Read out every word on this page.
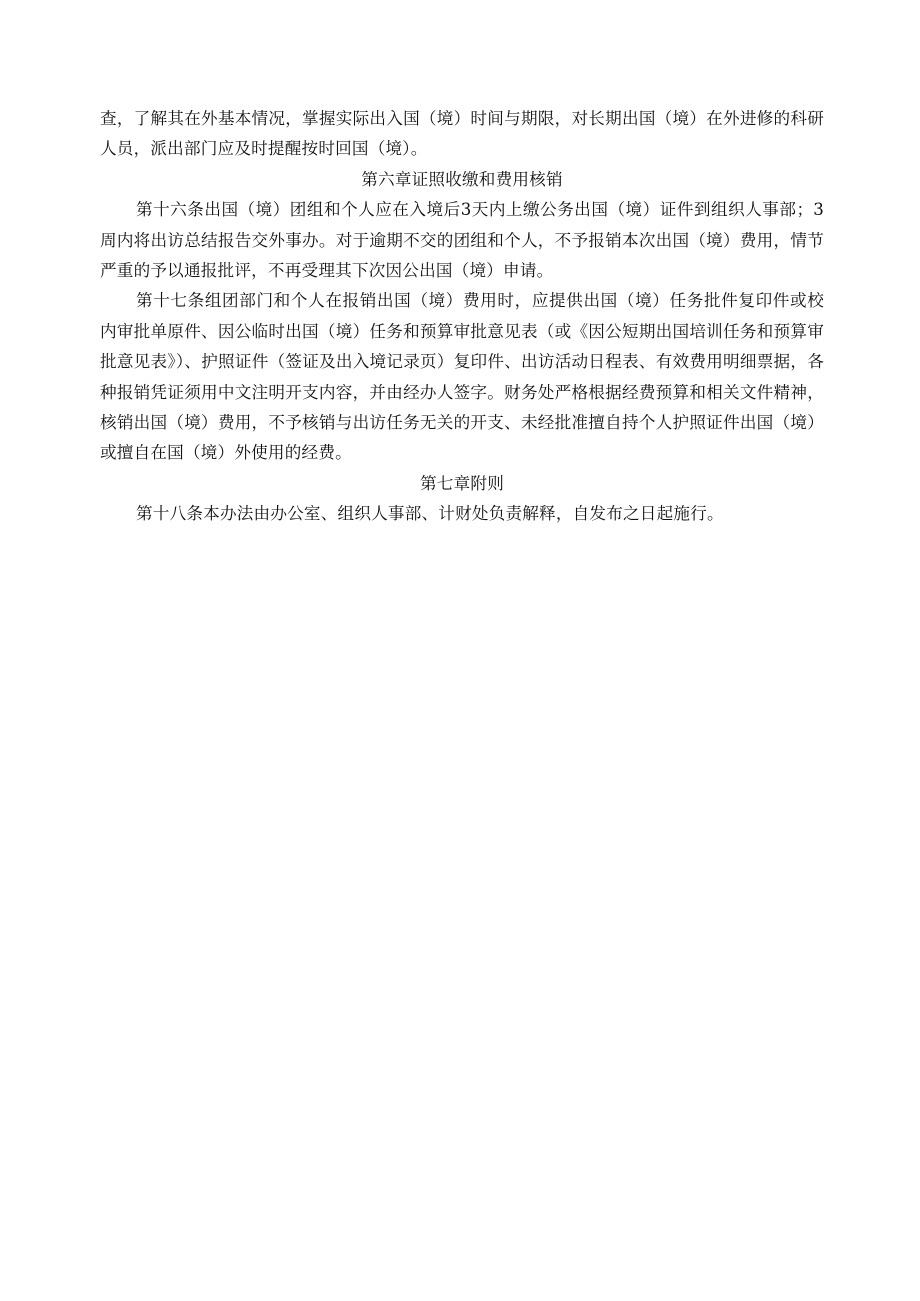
查，了解其在外基本情况，掌握实际出入国（境）时间与期限，对长期出国（境）在外进修的科研人员，派出部门应及时提醒按时回国（境）。

第六章证照收缴和费用核销

第十六条出国（境）团组和个人应在入境后3天内上缴公务出国（境）证件到组织人事部；3周内将出访总结报告交外事办。对于逾期不交的团组和个人，不予报销本次出国（境）费用，情节严重的予以通报批评，不再受理其下次因公出国（境）申请。

第十七条组团部门和个人在报销出国（境）费用时，应提供出国（境）任务批件复印件或校内审批单原件、因公临时出国（境）任务和预算审批意见表（或《因公短期出国培训任务和预算审批意见表》）、护照证件（签证及出入境记录页）复印件、出访活动日程表、有效费用明细票据，各种报销凭证须用中文注明开支内容，并由经办人签字。财务处严格根据经费预算和相关文件精神，核销出国（境）费用，不予核销与出访任务无关的开支、未经批准擅自持个人护照证件出国（境）或擅自在国（境）外使用的经费。

第七章附则

第十八条本办法由办公室、组织人事部、计财处负责解释，自发布之日起施行。
